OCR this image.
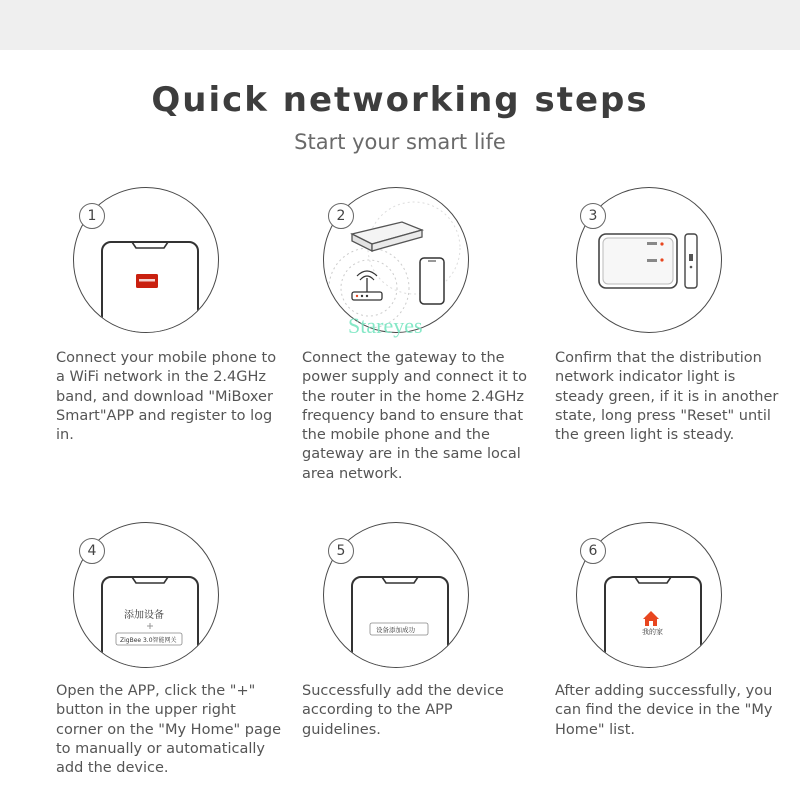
Quick networking steps
Start your smart life
1
Connect your mobile phone to a WiFi network in the 2.4GHz band, and download "MiBoxer Smart"APP and register to log in.
2
Connect the gateway to the power supply and connect it to the router in the home 2.4GHz frequency band to ensure that the mobile phone and the gateway are in the same local area network.
3
Confirm that the distribution network indicator light is steady green, if it is in another state, long press "Reset" until the green light is steady.
添加设备
ZigBee 3.0智能网关
4
Open the APP, click the "+" button in the upper right corner on the "My Home" page to manually or automatically add the device.
设备添加成功
5
Successfully add the device according to the APP guidelines.
我的家
6
After adding successfully, you can find the device in the "My Home" list.
Stareyes
